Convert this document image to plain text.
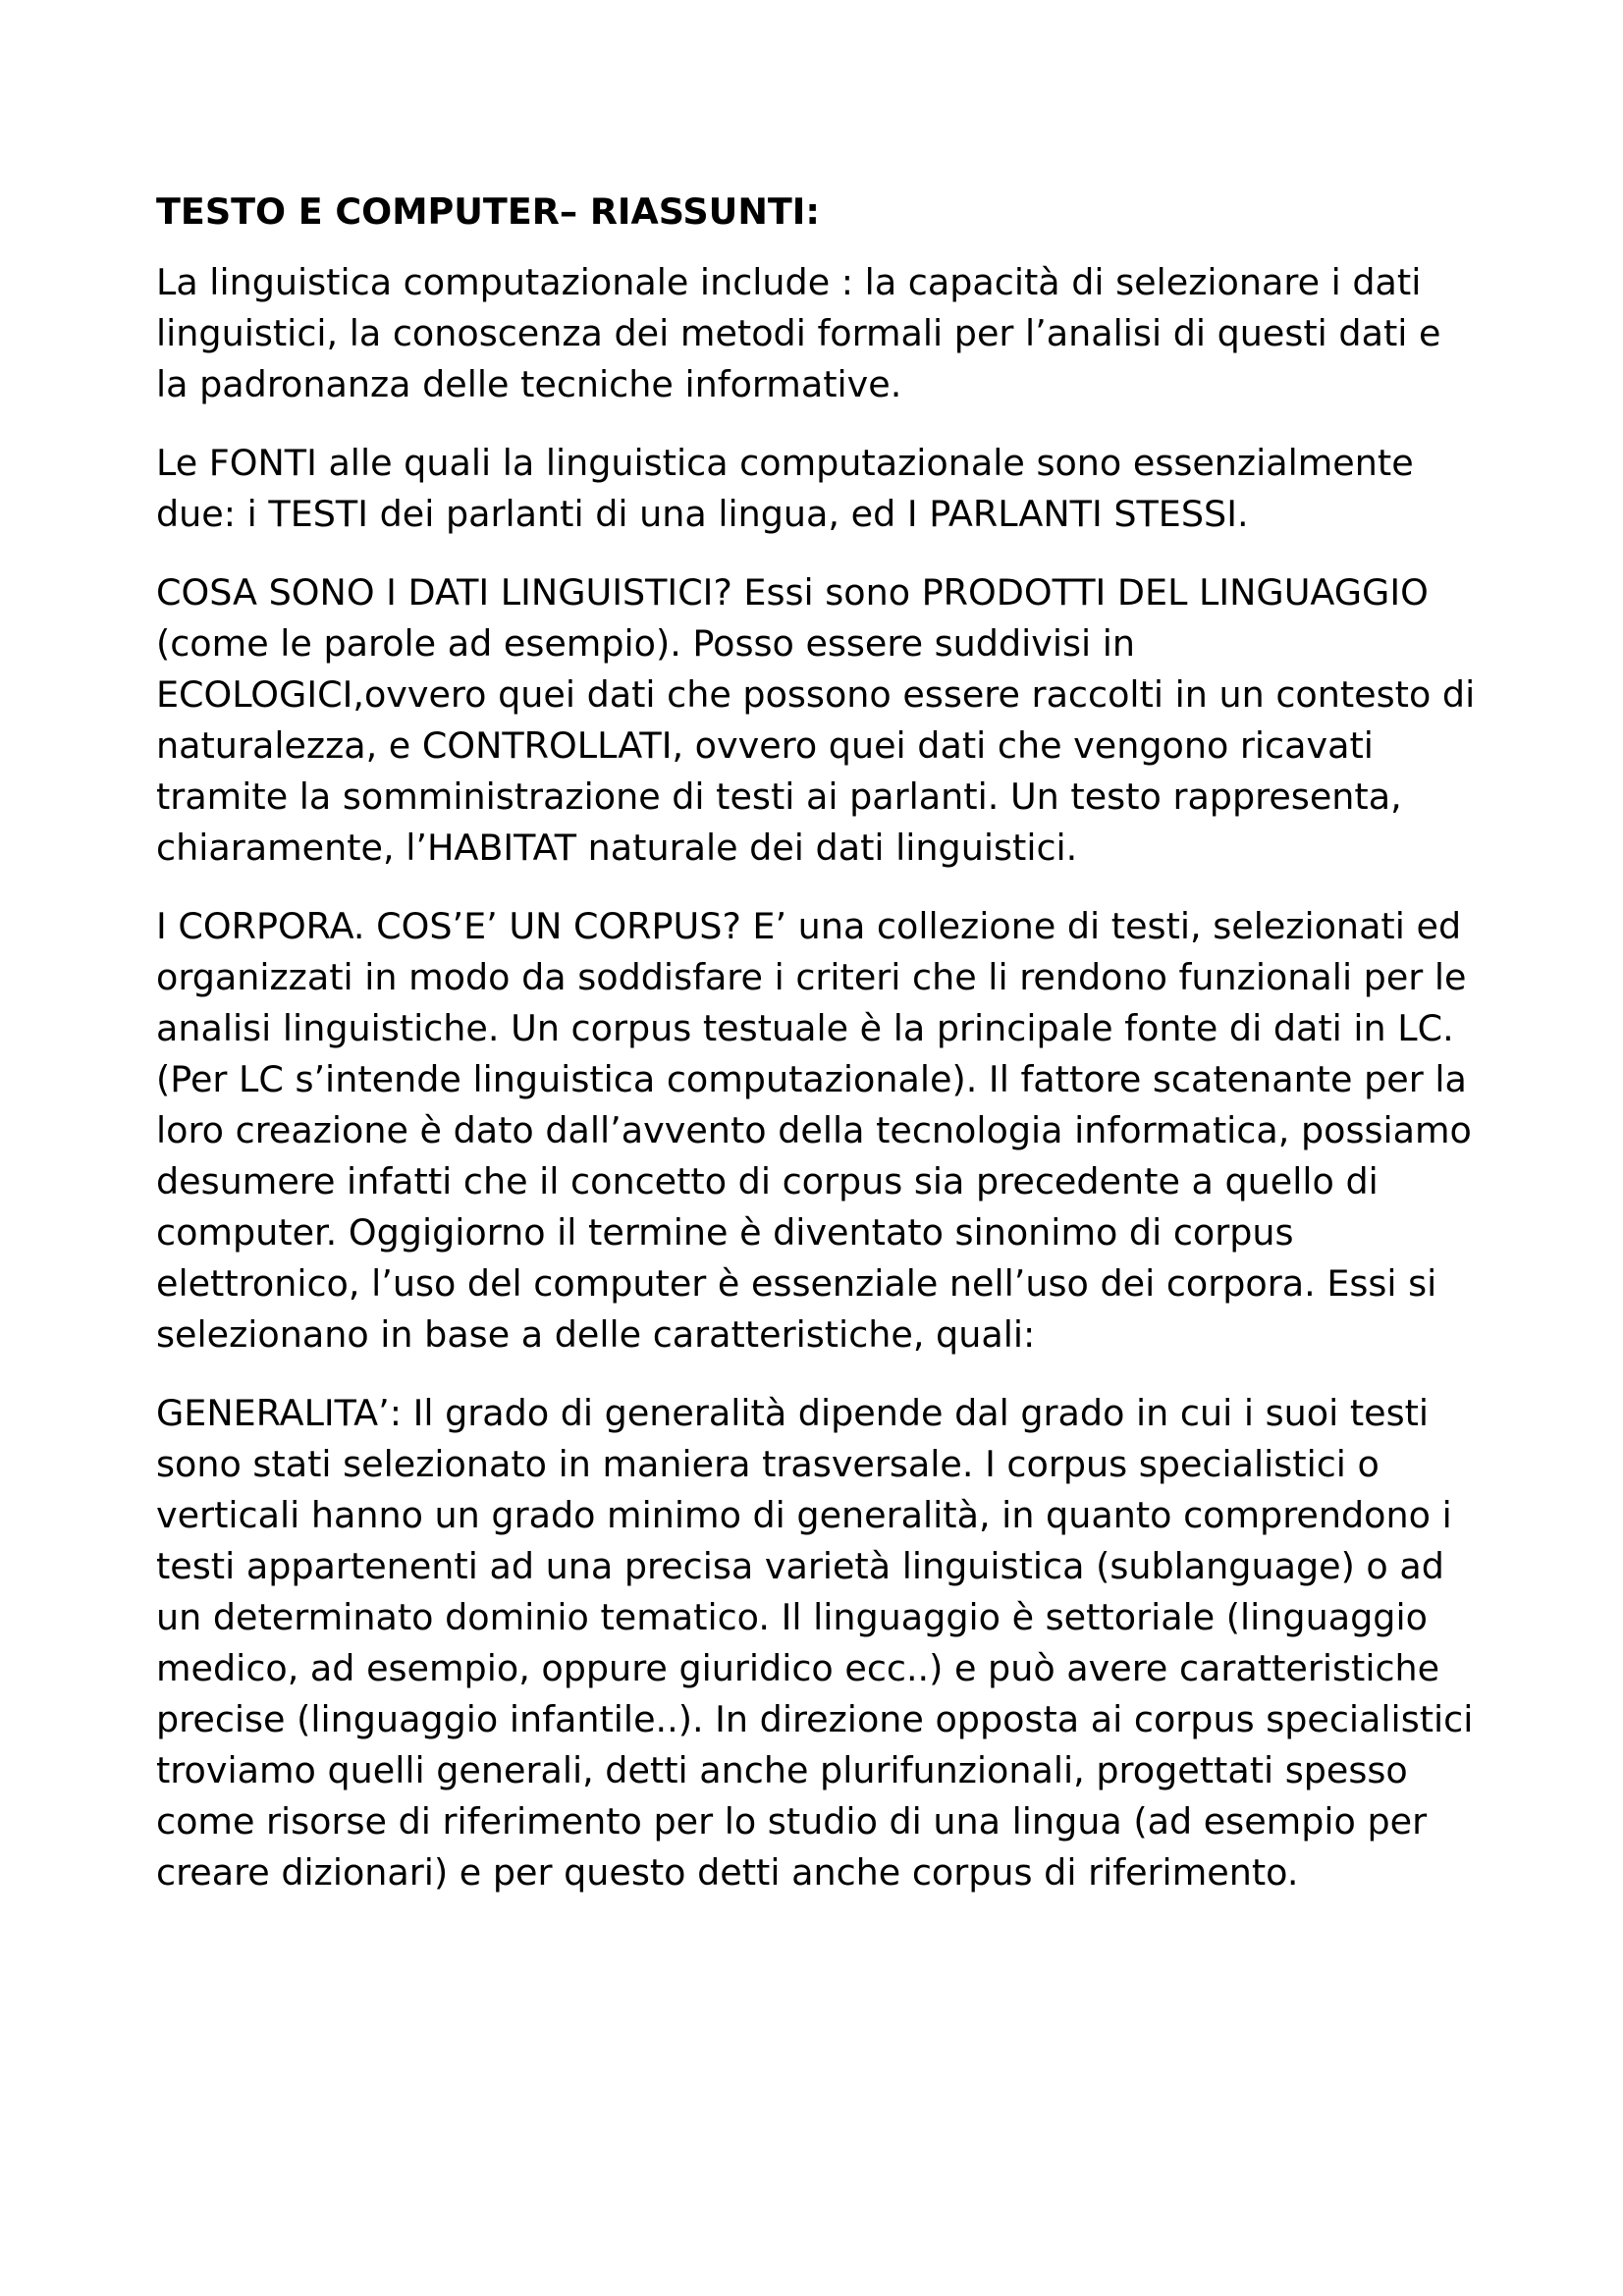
TESTO E COMPUTER– RIASSUNTI:

La linguistica computazionale include : la capacità di selezionare i dati linguistici, la conoscenza dei metodi formali per l’analisi di questi dati e la padronanza delle tecniche informative.

Le FONTI alle quali la linguistica computazionale sono essenzialmente due: i TESTI dei parlanti di una lingua, ed I PARLANTI STESSI.

COSA SONO I DATI LINGUISTICI? Essi sono PRODOTTI DEL LINGUAGGIO (come le parole ad esempio). Posso essere suddivisi in ECOLOGICI,ovvero quei dati che possono essere raccolti in un contesto di naturalezza, e CONTROLLATI, ovvero quei dati che vengono ricavati tramite la somministrazione di testi ai parlanti. Un testo rappresenta, chiaramente, l’HABITAT naturale dei dati linguistici.

I CORPORA. COS’E’ UN CORPUS? E’ una collezione di testi, selezionati ed organizzati in modo da soddisfare i criteri che li rendono funzionali per le analisi linguistiche. Un corpus testuale è la principale fonte di dati in LC. (Per LC s’intende linguistica computazionale). Il fattore scatenante per la loro creazione è dato dall’avvento della tecnologia informatica, possiamo desumere infatti che il concetto di corpus sia precedente a quello di computer. Oggigiorno il termine è diventato sinonimo di corpus elettronico, l’uso del computer è essenziale nell’uso dei corpora. Essi si selezionano in base a delle caratteristiche, quali:

GENERALITA’: Il grado di generalità dipende dal grado in cui i suoi testi sono stati selezionato in maniera trasversale. I corpus specialistici o verticali hanno un grado minimo di generalità, in quanto comprendono i testi appartenenti ad una precisa varietà linguistica (sublanguage) o ad un determinato dominio tematico. Il linguaggio è settoriale (linguaggio medico, ad esempio, oppure giuridico ecc..) e può avere caratteristiche precise (linguaggio infantile..). In direzione opposta ai corpus specialistici troviamo quelli generali, detti anche plurifunzionali, progettati spesso come risorse di riferimento per lo studio di una lingua (ad esempio per creare dizionari) e per questo detti anche corpus di riferimento.
